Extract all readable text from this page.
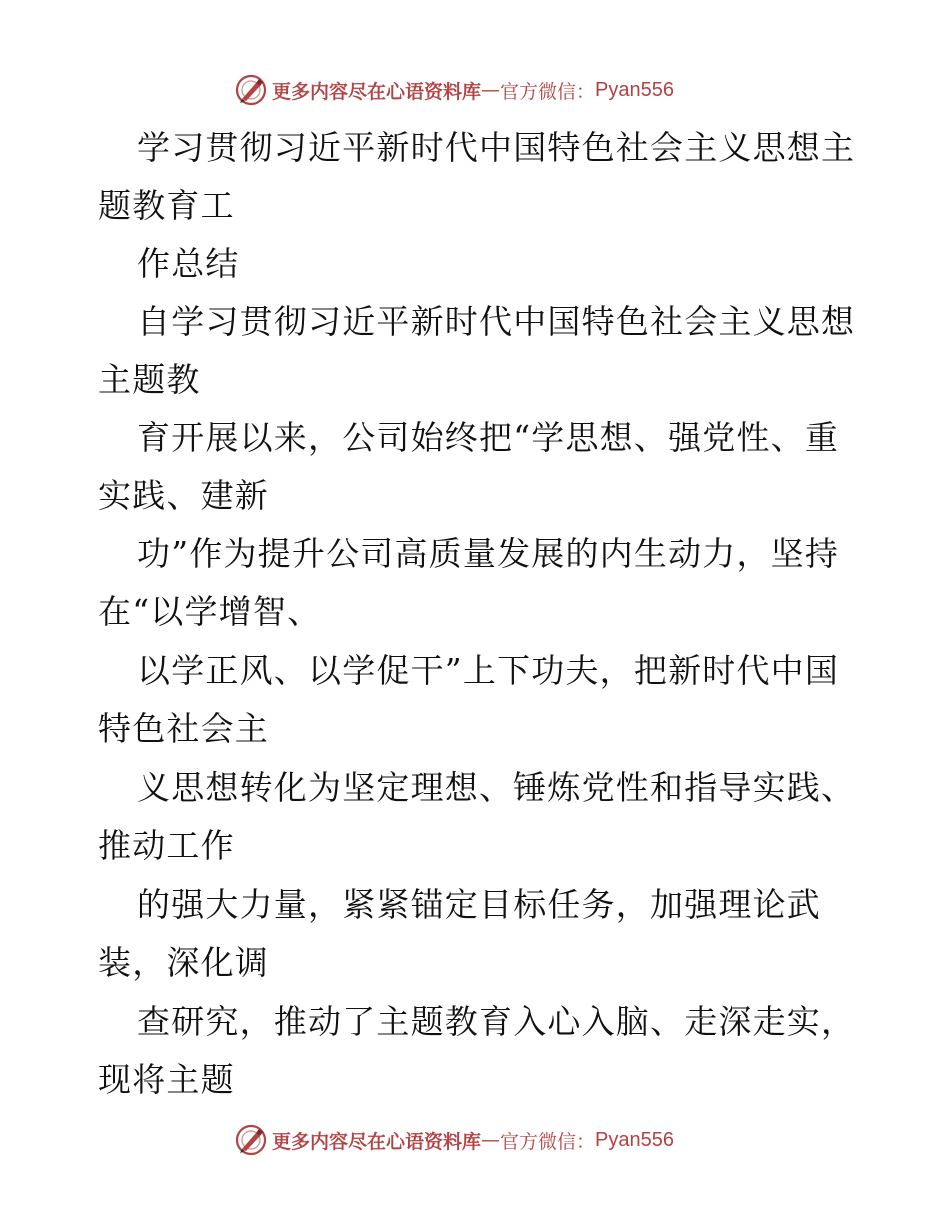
更多内容尽在心语资料库 — 官方微信： Pyan556
学习贯彻习近平新时代中国特色社会主义思想主
题教育工
作总结
自学习贯彻习近平新时代中国特色社会主义思想
主题教
育开展以来，公司始终把“学思想、强党性、重
实践、建新
功”作为提升公司高质量发展的内生动力，坚持
在“以学增智、
以学正风、以学促干”上下功夫，把新时代中国
特色社会主
义思想转化为坚定理想、锤炼党性和指导实践、
推动工作
的强大力量，紧紧锚定目标任务，加强理论武
装，深化调
查研究，推动了主题教育入心入脑、走深走实，
现将主题
更多内容尽在心语资料库 — 官方微信： Pyan556
